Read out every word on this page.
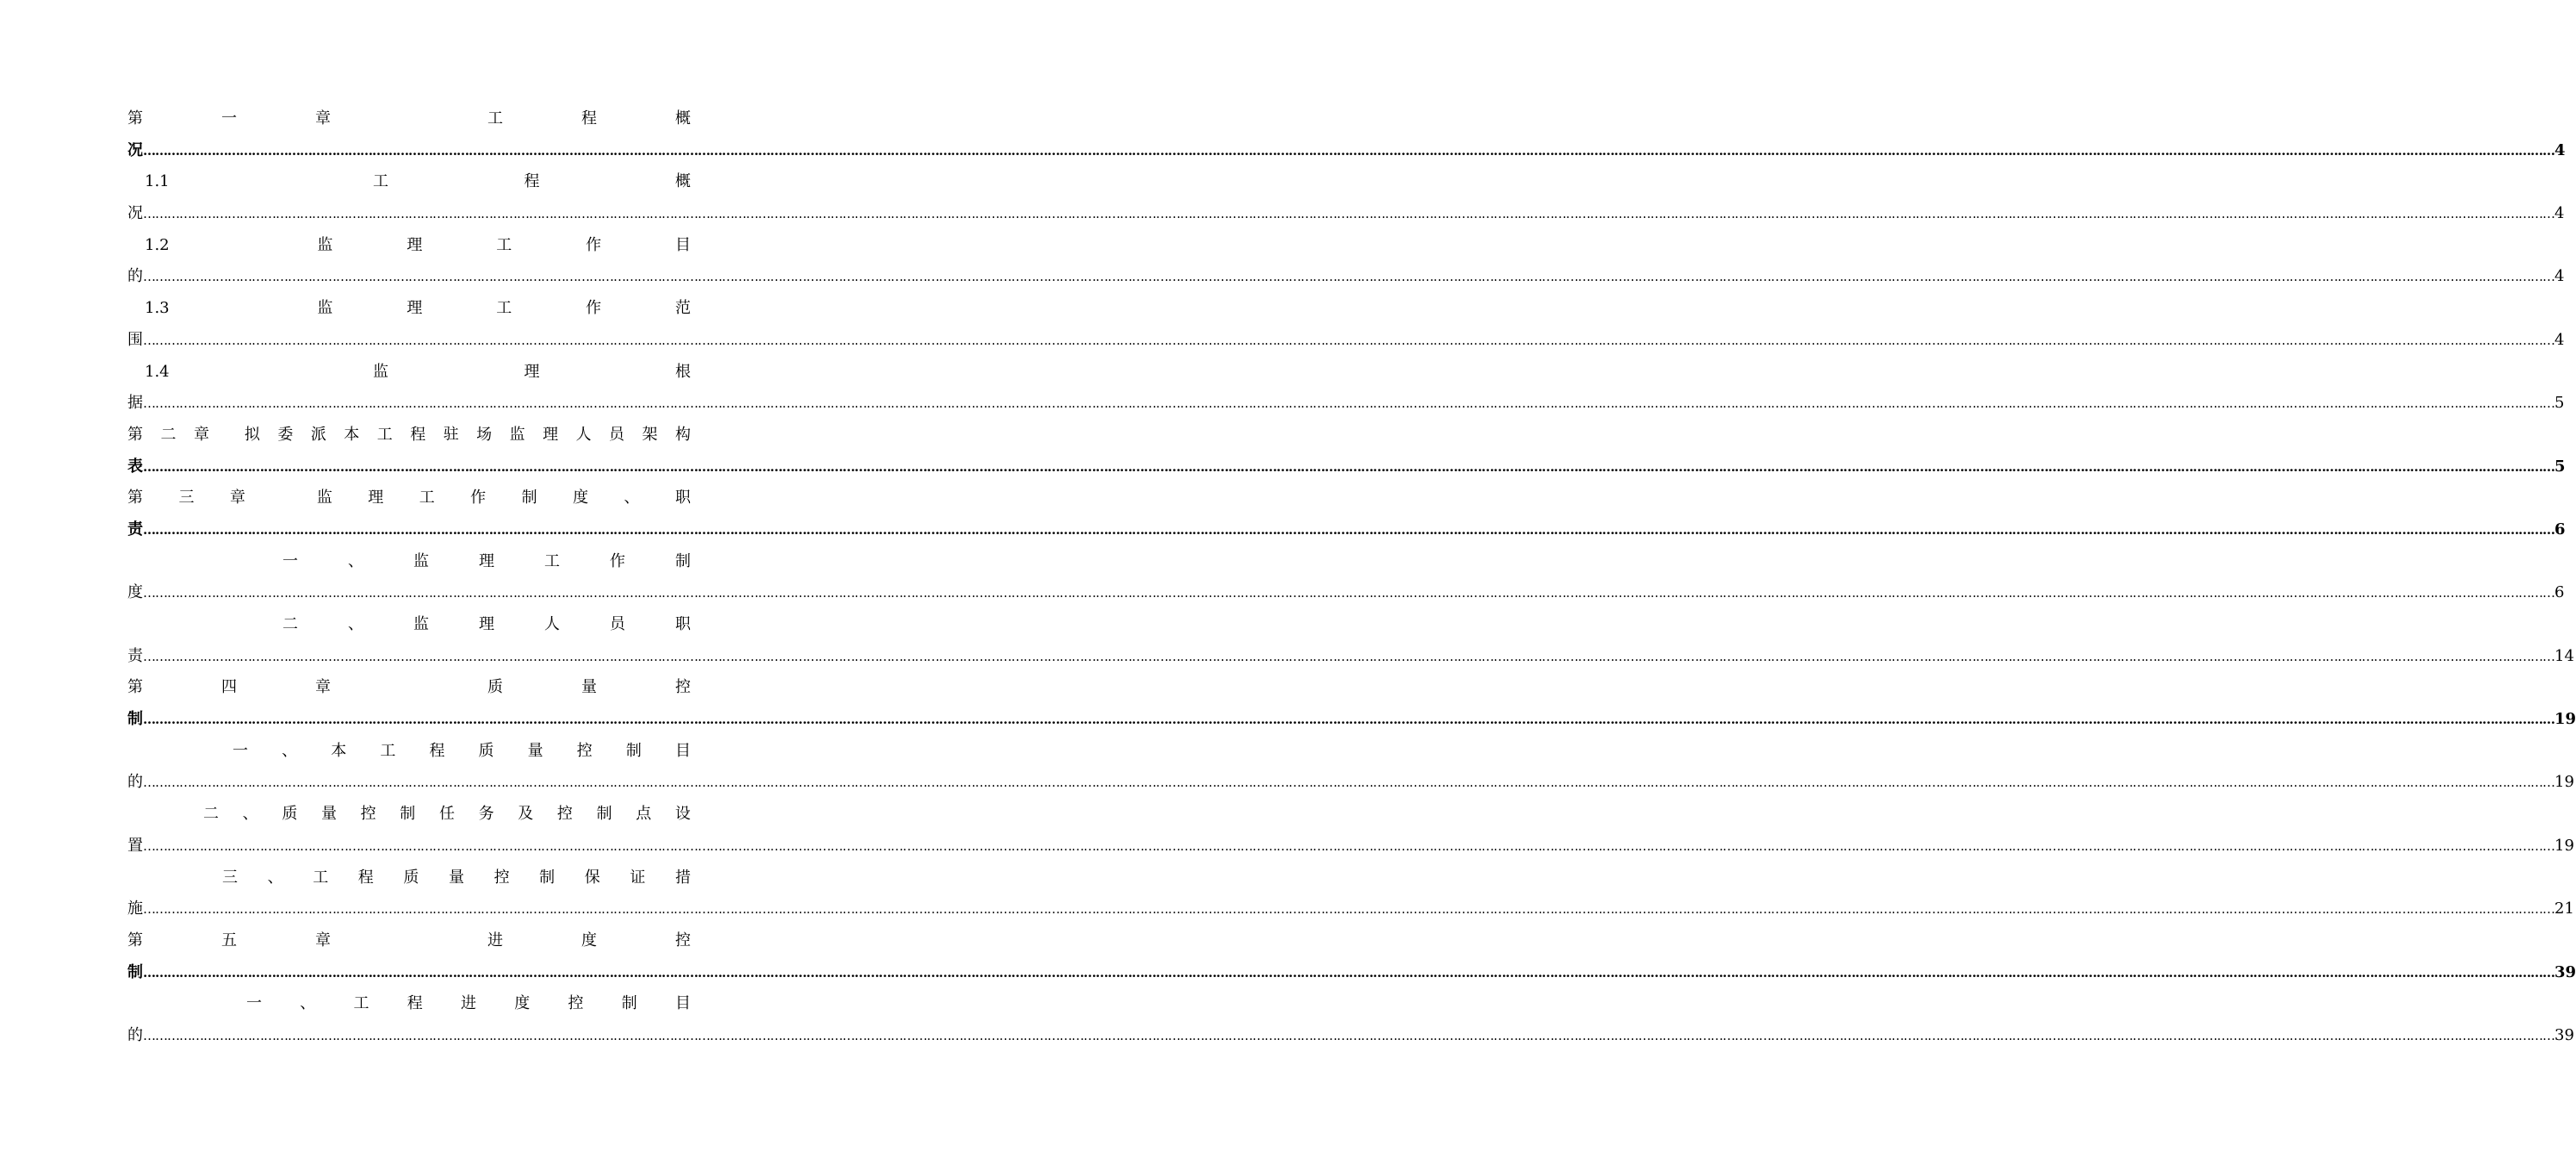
第	一	章	工	程	概
况 …………………………………………………………………………………………………………………………………………………………………………………………………………………………………………………………………………………………………………………………………………………………………………………………………………………………………………………………………………………………………………………………………………………… 4
1.1	工	程	概
况 …………………………………………………………………………………………………………………………………………………………………………………………………………………………………………………………………………………………………………………………………………………………………………………………………………………………………………………………………………………………………………………………………………………… 4
1.2	监	理	工	作	目
的 …………………………………………………………………………………………………………………………………………………………………………………………………………………………………………………………………………………………………………………………………………………………………………………………………………………………………………………………………………………………………………………………………………………… 4
1.3	监	理	工	作	范
围 …………………………………………………………………………………………………………………………………………………………………………………………………………………………………………………………………………………………………………………………………………………………………………………………………………………………………………………………………………………………………………………………………………………… 4
1.4	监	理	根
据 …………………………………………………………………………………………………………………………………………………………………………………………………………………………………………………………………………………………………………………………………………………………………………………………………………………………………………………………………………………………………………………………………………………… 5
第 二 章 拟 委 派 本 工 程 驻 场 监 理 人 员 架 构
表 …………………………………………………………………………………………………………………………………………………………………………………………………………………………………………………………………………………………………………………………………………………………………………………………………………………………………………………………………………………………………………………………………………………… 5
第 三 章	监 理 工 作 制 度 、 职
责 …………………………………………………………………………………………………………………………………………………………………………………………………………………………………………………………………………………………………………………………………………………………………………………………………………………………………………………………………………………………………………………………………………………… 6
一	、	监	理	工	作	制
度 …………………………………………………………………………………………………………………………………………………………………………………………………………………………………………………………………………………………………………………………………………………………………………………………………………………………………………………………………………………………………………………………………………………… 6
二	、	监	理	人	员	职
责 …………………………………………………………………………………………………………………………………………………………………………………………………………………………………………………………………………………………………………………………………………………………………………………………………………………………………………………………………………………………………………………………………………………… 14
第	四	章	质	量	控
制 …………………………………………………………………………………………………………………………………………………………………………………………………………………………………………………………………………………………………………………………………………………………………………………………………………………………………………………………………………………………………………………………………………………… 19
一 、 本 工 程 质 量 控 制 目
的 …………………………………………………………………………………………………………………………………………………………………………………………………………………………………………………………………………………………………………………………………………………………………………………………………………………………………………………………………………………………………………………………………………………… 19
二 、 质 量 控 制 任 务 及 控 制 点 设
置 …………………………………………………………………………………………………………………………………………………………………………………………………………………………………………………………………………………………………………………………………………………………………………………………………………………………………………………………………………………………………………………………………………………… 19
三 、 工 程 质 量 控 制 保 证 措
施 …………………………………………………………………………………………………………………………………………………………………………………………………………………………………………………………………………………………………………………………………………………………………………………………………………………………………………………………………………………………………………………………………………………… 21
第	五	章	进	度	控
制 …………………………………………………………………………………………………………………………………………………………………………………………………………………………………………………………………………………………………………………………………………………………………………………………………………………………………………………………………………………………………………………………………………………… 39
一 、 工 程 进 度 控 制 目
的 …………………………………………………………………………………………………………………………………………………………………………………………………………………………………………………………………………………………………………………………………………………………………………………………………………………………………………………………………………………………………………………………………………………… 39
